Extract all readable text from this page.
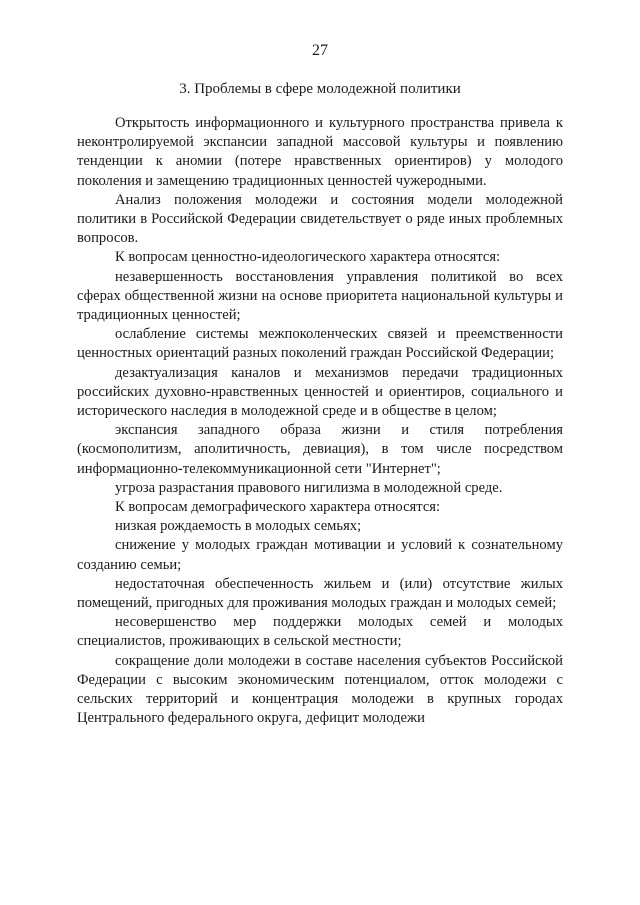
27
3. Проблемы в сфере молодежной политики

Открытость информационного и культурного пространства привела к неконтролируемой экспансии западной массовой культуры и появлению тенденции к аномии (потере нравственных ориентиров) у молодого поколения и замещению традиционных ценностей чужеродными.

Анализ положения молодежи и состояния модели молодежной политики в Российской Федерации свидетельствует о ряде иных проблемных вопросов.

К вопросам ценностно-идеологического характера относятся:

незавершенность восстановления управления политикой во всех сферах общественной жизни на основе приоритета национальной культуры и традиционных ценностей;

ослабление системы межпоколенческих связей и преемственности ценностных ориентаций разных поколений граждан Российской Федерации;

дезактуализация каналов и механизмов передачи традиционных российских духовно-нравственных ценностей и ориентиров, социального и исторического наследия в молодежной среде и в обществе в целом;

экспансия западного образа жизни и стиля потребления (космополитизм, аполитичность, девиация), в том числе посредством информационно-телекоммуникационной сети "Интернет";

угроза разрастания правового нигилизма в молодежной среде.

К вопросам демографического характера относятся:

низкая рождаемость в молодых семьях;

снижение у молодых граждан мотивации и условий к сознательному созданию семьи;

недостаточная обеспеченность жильем и (или) отсутствие жилых помещений, пригодных для проживания молодых граждан и молодых семей;

несовершенство мер поддержки молодых семей и молодых специалистов, проживающих в сельской местности;

сокращение доли молодежи в составе населения субъектов Российской Федерации с высоким экономическим потенциалом, отток молодежи с сельских территорий и концентрация молодежи в крупных городах Центрального федерального округа, дефицит молодежи
